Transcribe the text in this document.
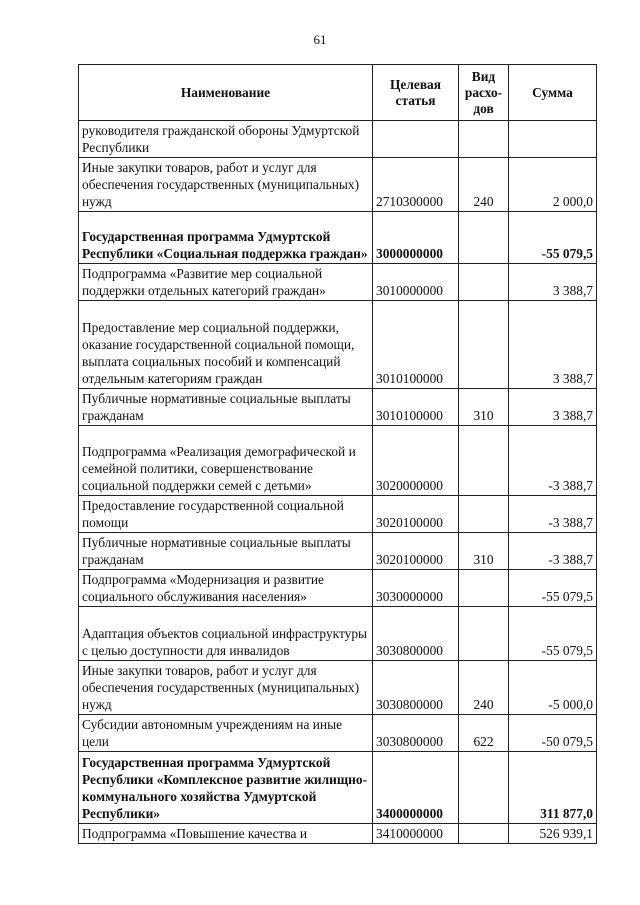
61
Наименование	Целевая статья	Вид расхо-дов	Сумма
руководителя гражданской обороны Удмуртской Республики			
Иные закупки товаров, работ и услуг для обеспечения государственных (муниципальных) нужд	2710300000	240	2 000,0
Государственная программа Удмуртской Республики «Социальная поддержка граждан»	3000000000		-55 079,5
Подпрограмма «Развитие мер социальной поддержки отдельных категорий граждан»	3010000000		3 388,7
Предоставление мер социальной поддержки, оказание государственной социальной помощи, выплата социальных пособий и компенсаций отдельным категориям граждан	3010100000		3 388,7
Публичные нормативные социальные выплаты гражданам	3010100000	310	3 388,7
Подпрограмма «Реализация демографической и семейной политики, совершенствование социальной поддержки семей с детьми»	3020000000		-3 388,7
Предоставление государственной социальной помощи	3020100000		-3 388,7
Публичные нормативные социальные выплаты гражданам	3020100000	310	-3 388,7
Подпрограмма «Модернизация и развитие социального обслуживания населения»	3030000000		-55 079,5
Адаптация объектов социальной инфраструктуры с целью доступности для инвалидов	3030800000		-55 079,5
Иные закупки товаров, работ и услуг для обеспечения государственных (муниципальных) нужд	3030800000	240	-5 000,0
Субсидии автономным учреждениям на иные цели	3030800000	622	-50 079,5
Государственная программа Удмуртской Республики «Комплексное развитие жилищно-коммунального хозяйства Удмуртской Республики»	3400000000		311 877,0
Подпрограмма «Повышение качества и	3410000000		526 939,1
